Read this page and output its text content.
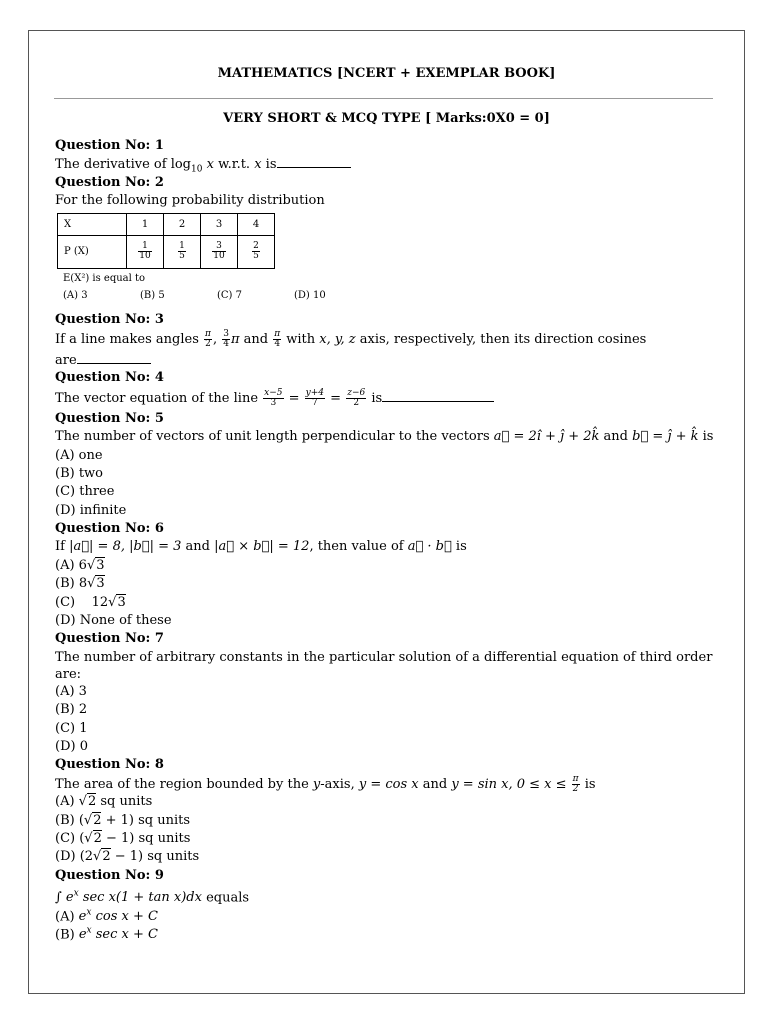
MATHEMATICS [NCERT + EXEMPLAR BOOK]
VERY SHORT & MCQ TYPE [ Marks:0X0 = 0]
Question No: 1
The derivative of $\log_{10} x$ w.r.t. x is
Question No: 2
For the following probability distribution
X	1	2	3	4
P (X)	$\frac{1}{10}$	$\frac{1}{5}$	$\frac{3}{10}$	$\frac{2}{5}$
E(X²) is equal to
(A) 3	(B) 5	(C) 7	(D) 10
Question No: 3
If a line makes angles $\frac{\pi}{2}$ , $\frac{3}{4}$ π and $\frac{\pi}{4}$ with x, y, z axis, respectively, then its direction cosines
are
Question No: 4
The vector equation of the line $\frac{x-5}{3} = \frac{y+4}{7} = \frac{z-6}{2}$ is
Question No: 5
The number of vectors of unit length perpendicular to the vectors a⃗ = 2î + ĵ + 2k̂ and b⃗ = ĵ + k̂ is
(A) one
(B) two
(C) three
(D) infinite
Question No: 6
If |a⃗| = 8, |b⃗| = 3 and |a⃗ × b⃗| = 12, then value of a⃗ · b⃗ is
(A) 6√3
(B) 8√3
(C)    12√3
(D) None of these
Question No: 7
The number of arbitrary constants in the particular solution of a differential equation of third order are:
(A) 3
(B) 2
(C) 1
(D) 0
Question No: 8
The area of the region bounded by the y-axis, y = cos x and y = sin x, $0 \le x \le \frac{\pi}{2}$ is
(A) √2 sq units
(B) (√2 + 1) sq units
(C) (√2 − 1) sq units
(D) (2√2 − 1) sq units
Question No: 9
∫ $e^x$ sec x(1 + tan x)dx equals
(A) $e^x$ cos x + C
(B) $e^x$ sec x + C
